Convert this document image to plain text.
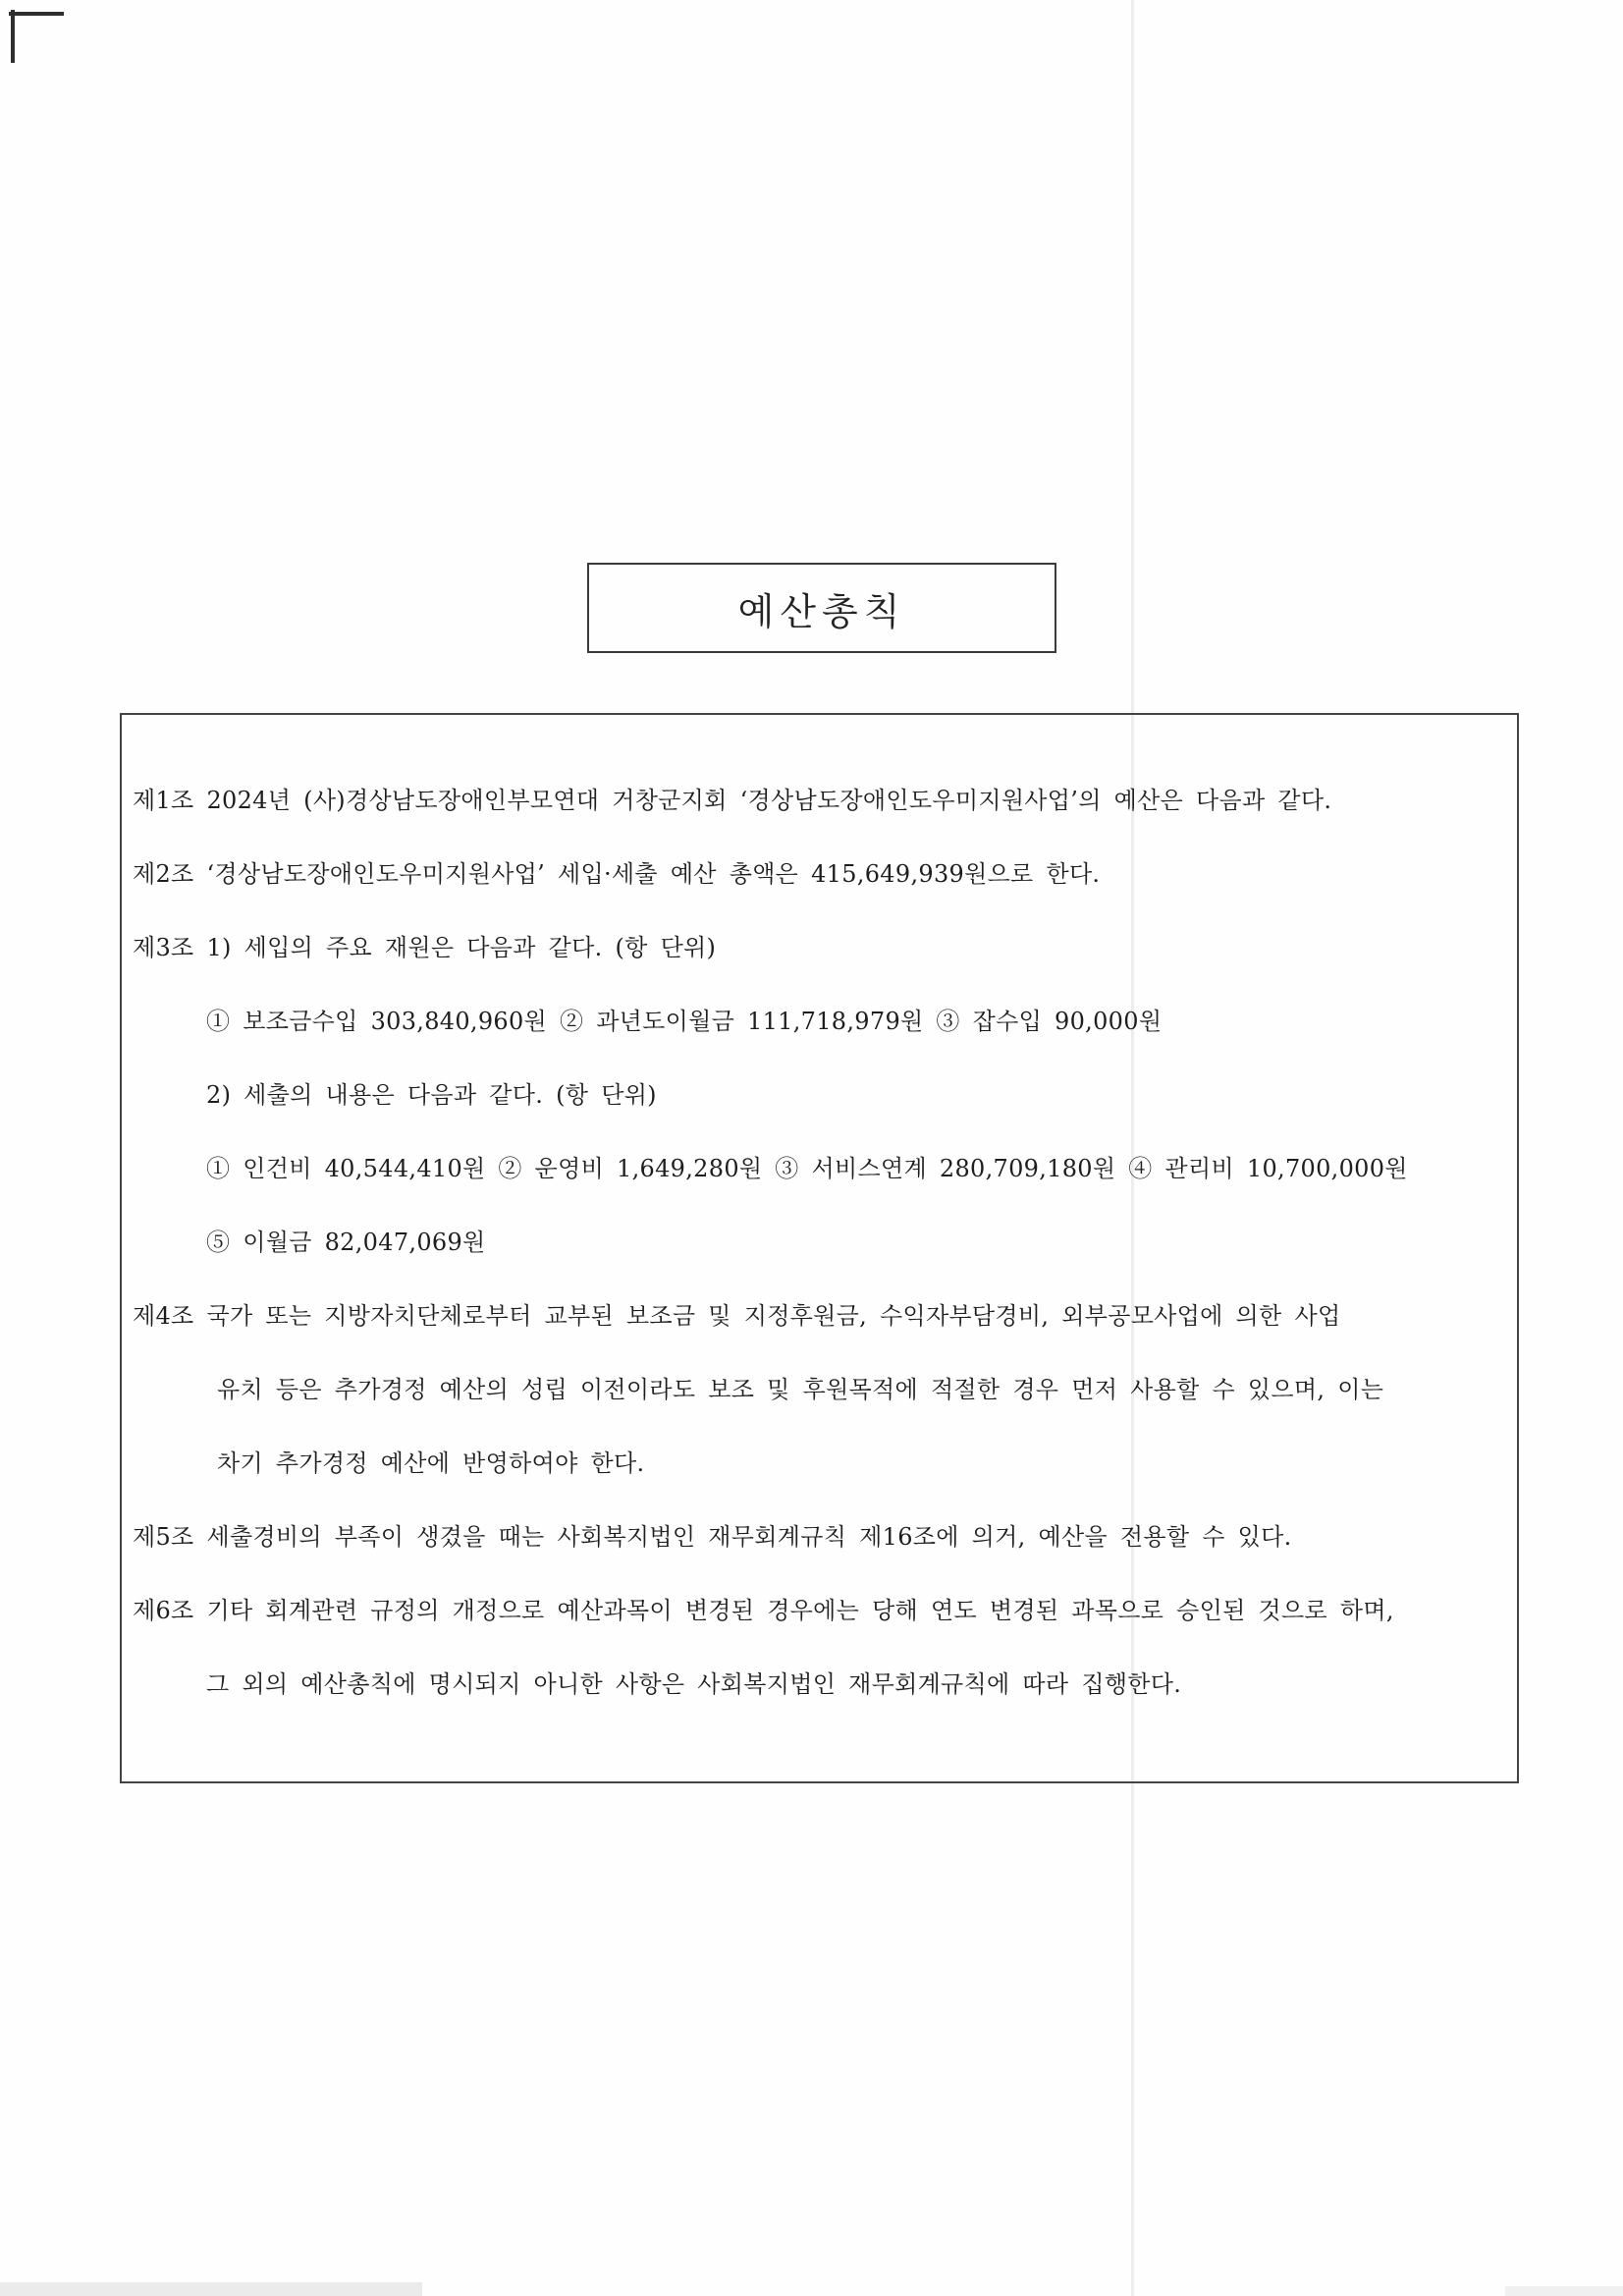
예산총칙
제1조 2024년 (사)경상남도장애인부모연대 거창군지회 ‘경상남도장애인도우미지원사업’의 예산은 다음과 같다.
제2조 ‘경상남도장애인도우미지원사업’ 세입·세출 예산 총액은 415,649,939원으로 한다.
제3조 1) 세입의 주요 재원은 다음과 같다. (항 단위)
① 보조금수입 303,840,960원 ② 과년도이월금 111,718,979원 ③ 잡수입 90,000원
2) 세출의 내용은 다음과 같다. (항 단위)
① 인건비 40,544,410원 ② 운영비 1,649,280원 ③ 서비스연계 280,709,180원 ④ 관리비 10,700,000원
⑤ 이월금 82,047,069원
제4조 국가 또는 지방자치단체로부터 교부된 보조금 및 지정후원금, 수익자부담경비, 외부공모사업에 의한 사업
유치 등은 추가경정 예산의 성립 이전이라도 보조 및 후원목적에 적절한 경우 먼저 사용할 수 있으며, 이는
차기 추가경정 예산에 반영하여야 한다.
제5조 세출경비의 부족이 생겼을 때는 사회복지법인 재무회계규칙 제16조에 의거, 예산을 전용할 수 있다.
제6조 기타 회계관련 규정의 개정으로 예산과목이 변경된 경우에는 당해 연도 변경된 과목으로 승인된 것으로 하며,
그 외의 예산총칙에 명시되지 아니한 사항은 사회복지법인 재무회계규칙에 따라 집행한다.
